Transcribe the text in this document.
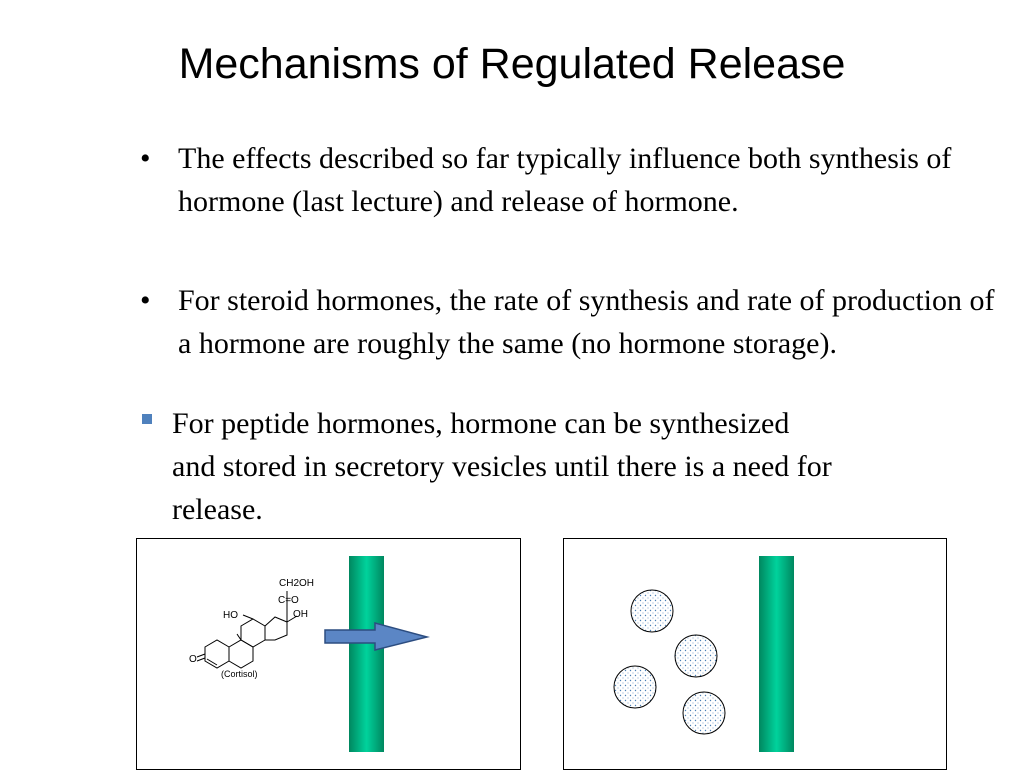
Mechanisms of Regulated Release
• The effects described so far typically influence both synthesis of hormone (last lecture) and release of hormone.

• For steroid hormones, the rate of synthesis and rate of production of a hormone are roughly the same (no hormone storage).

For peptide hormones, hormone can be synthesized and stored in secretory vesicles until there is a need for release.

CH2OH
C=O
OH
HO
O
(Cortisol)
